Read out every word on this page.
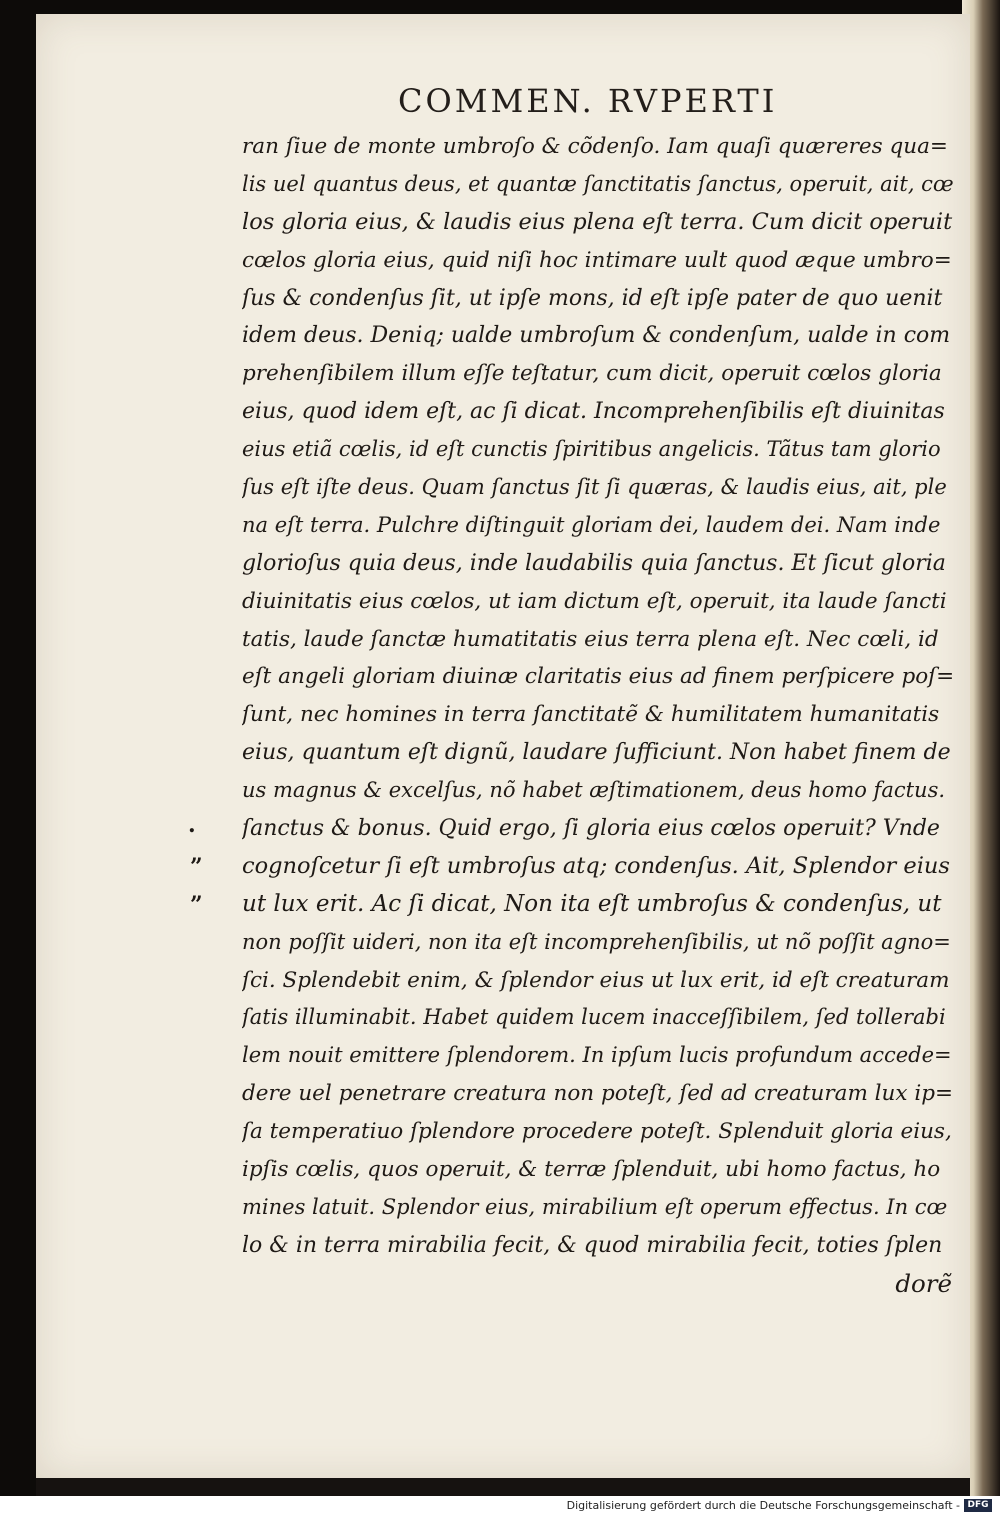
COMMEN. RVPERTI
.
”
”
ran ſiue de monte umbroſo & cõdenſo. Iam quaſi quæreres qua=
lis uel quantus deus, et quantæ ſanctitatis ſanctus, operuit, ait, cœ
los gloria eius, & laudis eius plena eſt terra. Cum dicit operuit
cœlos gloria eius, quid niſi hoc intimare uult quod æque umbro=
ſus & condenſus ſit, ut ipſe mons, id eſt ipſe pater de quo uenit
idem deus. Deniq; ualde umbroſum & condenſum, ualde in com
prehenſibilem illum eſſe teſtatur, cum dicit, operuit cœlos gloria
eius, quod idem eſt, ac ſi dicat. Incomprehenſibilis eſt diuinitas
eius etiã cœlis, id eſt cunctis ſpiritibus angelicis. Tãtus tam glorio
ſus eſt iſte deus. Quam ſanctus ſit ſi quæras, & laudis eius, ait, ple
na eſt terra. Pulchre diſtinguit gloriam dei, laudem dei. Nam inde
glorioſus quia deus, inde laudabilis quia ſanctus. Et ſicut gloria
diuinitatis eius cœlos, ut iam dictum eſt, operuit, ita laude ſancti
tatis, laude ſanctæ humatitatis eius terra plena eſt. Nec cœli, id
eſt angeli gloriam diuinæ claritatis eius ad finem perſpicere poſ=
ſunt, nec homines in terra ſanctitatẽ & humilitatem humanitatis
eius, quantum eſt dignũ, laudare ſufficiunt. Non habet finem de
us magnus & excelſus, nõ habet æſtimationem, deus homo factus.
ſanctus & bonus. Quid ergo, ſi gloria eius cœlos operuit? Vnde
cognoſcetur ſi eſt umbroſus atq; condenſus. Ait, Splendor eius
ut lux erit. Ac ſi dicat, Non ita eſt umbroſus & condenſus, ut
non poſſit uideri, non ita eſt incomprehenſibilis, ut nõ poſſit agno=
ſci. Splendebit enim, & ſplendor eius ut lux erit, id eſt creaturam
ſatis illuminabit. Habet quidem lucem inacceſſibilem, ſed tollerabi
lem nouit emittere ſplendorem. In ipſum lucis profundum accede=
dere uel penetrare creatura non poteſt, ſed ad creaturam lux ip=
ſa temperatiuo ſplendore procedere poteſt. Splenduit gloria eius,
ipſis cœlis, quos operuit, & terræ ſplenduit, ubi homo factus, ho
mines latuit. Splendor eius, mirabilium eſt operum effectus. In cœ
lo & in terra mirabilia fecit, & quod mirabilia fecit, toties ſplen
dorẽ
Digitalisierung gefördert durch die Deutsche Forschungsgemeinschaft - DFG
